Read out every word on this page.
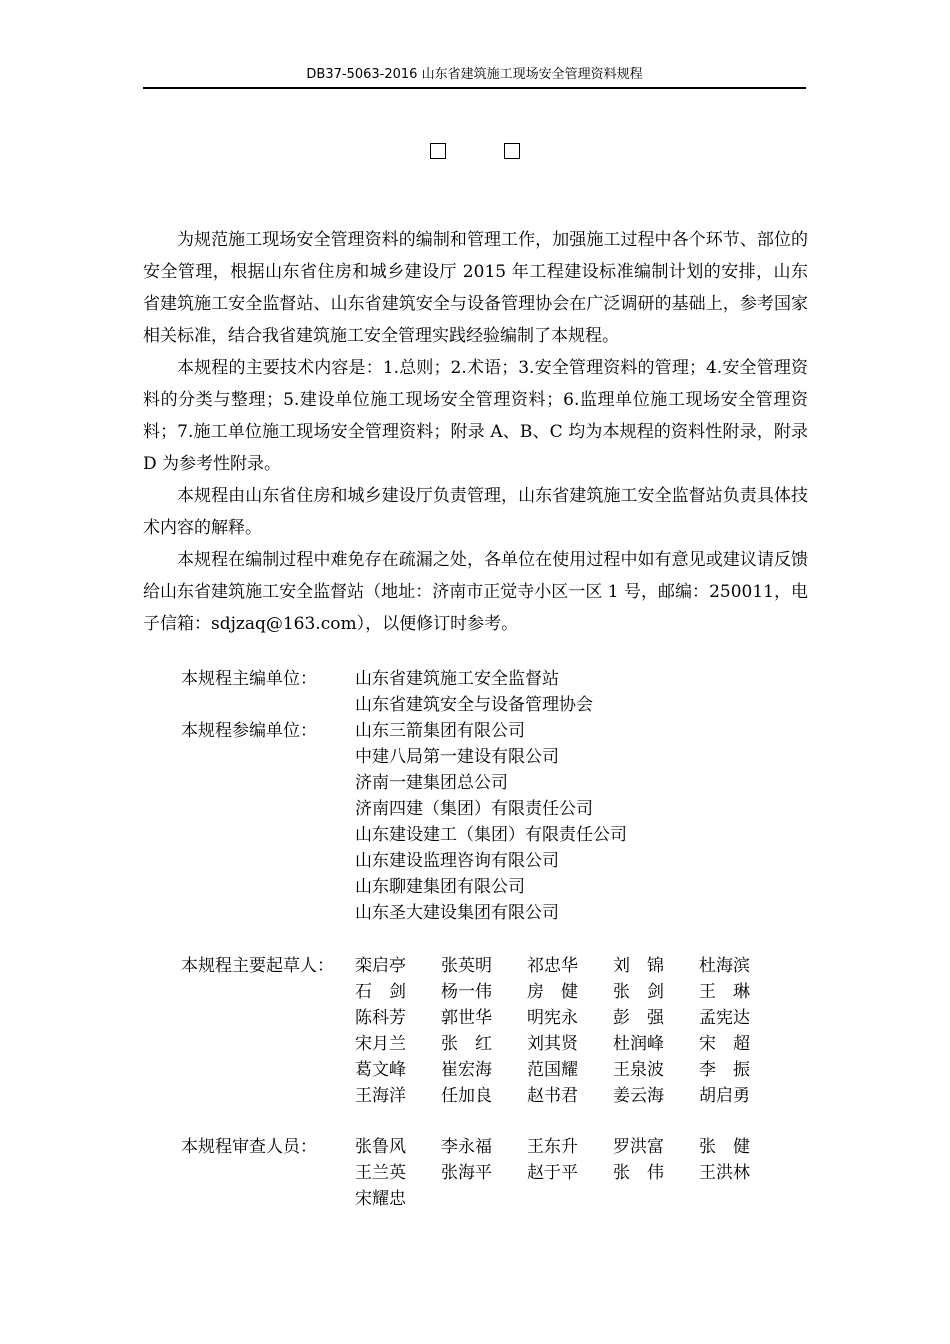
DB37-5063-2016 山东省建筑施工现场安全管理资料规程

为规范施工现场安全管理资料的编制和管理工作，加强施工过程中各个环节、部位的安全管理，根据山东省住房和城乡建设厅 2015 年工程建设标准编制计划的安排，山东省建筑施工安全监督站、山东省建筑安全与设备管理协会在广泛调研的基础上，参考国家相关标准，结合我省建筑施工安全管理实践经验编制了本规程。

本规程的主要技术内容是：1.总则；2.术语；3.安全管理资料的管理；4.安全管理资料的分类与整理；5.建设单位施工现场安全管理资料；6.监理单位施工现场安全管理资料；7.施工单位施工现场安全管理资料；附录 A、B、C 均为本规程的资料性附录，附录 D 为参考性附录。

本规程由山东省住房和城乡建设厅负责管理，山东省建筑施工安全监督站负责具体技术内容的解释。

本规程在编制过程中难免存在疏漏之处，各单位在使用过程中如有意见或建议请反馈给山东省建筑施工安全监督站（地址：济南市正觉寺小区一区 1 号，邮编：250011，电子信箱：sdjzaq@163.com），以便修订时参考。

本规程主编单位： 山东省建筑施工安全监督站
山东省建筑安全与设备管理协会
本规程参编单位： 山东三箭集团有限公司
中建八局第一建设有限公司
济南一建集团总公司
济南四建（集团）有限责任公司
山东建设建工（集团）有限责任公司
山东建设监理咨询有限公司
山东聊建集团有限公司
山东圣大建设集团有限公司
本规程主要起草人： 栾启亭 张英明 祁忠华 刘　锦 杜海滨
石　剑 杨一伟 房　健 张　剑 王　琳
陈科芳 郭世华 明宪永 彭　强 孟宪达
宋月兰 张　红 刘其贤 杜润峰 宋　超
葛文峰 崔宏海 范国耀 王泉波 李　振
王海洋 任加良 赵书君 姜云海 胡启勇
本规程审查人员： 张鲁风 李永福 王东升 罗洪富 张　健
王兰英 张海平 赵于平 张　伟 王洪林
宋耀忠
